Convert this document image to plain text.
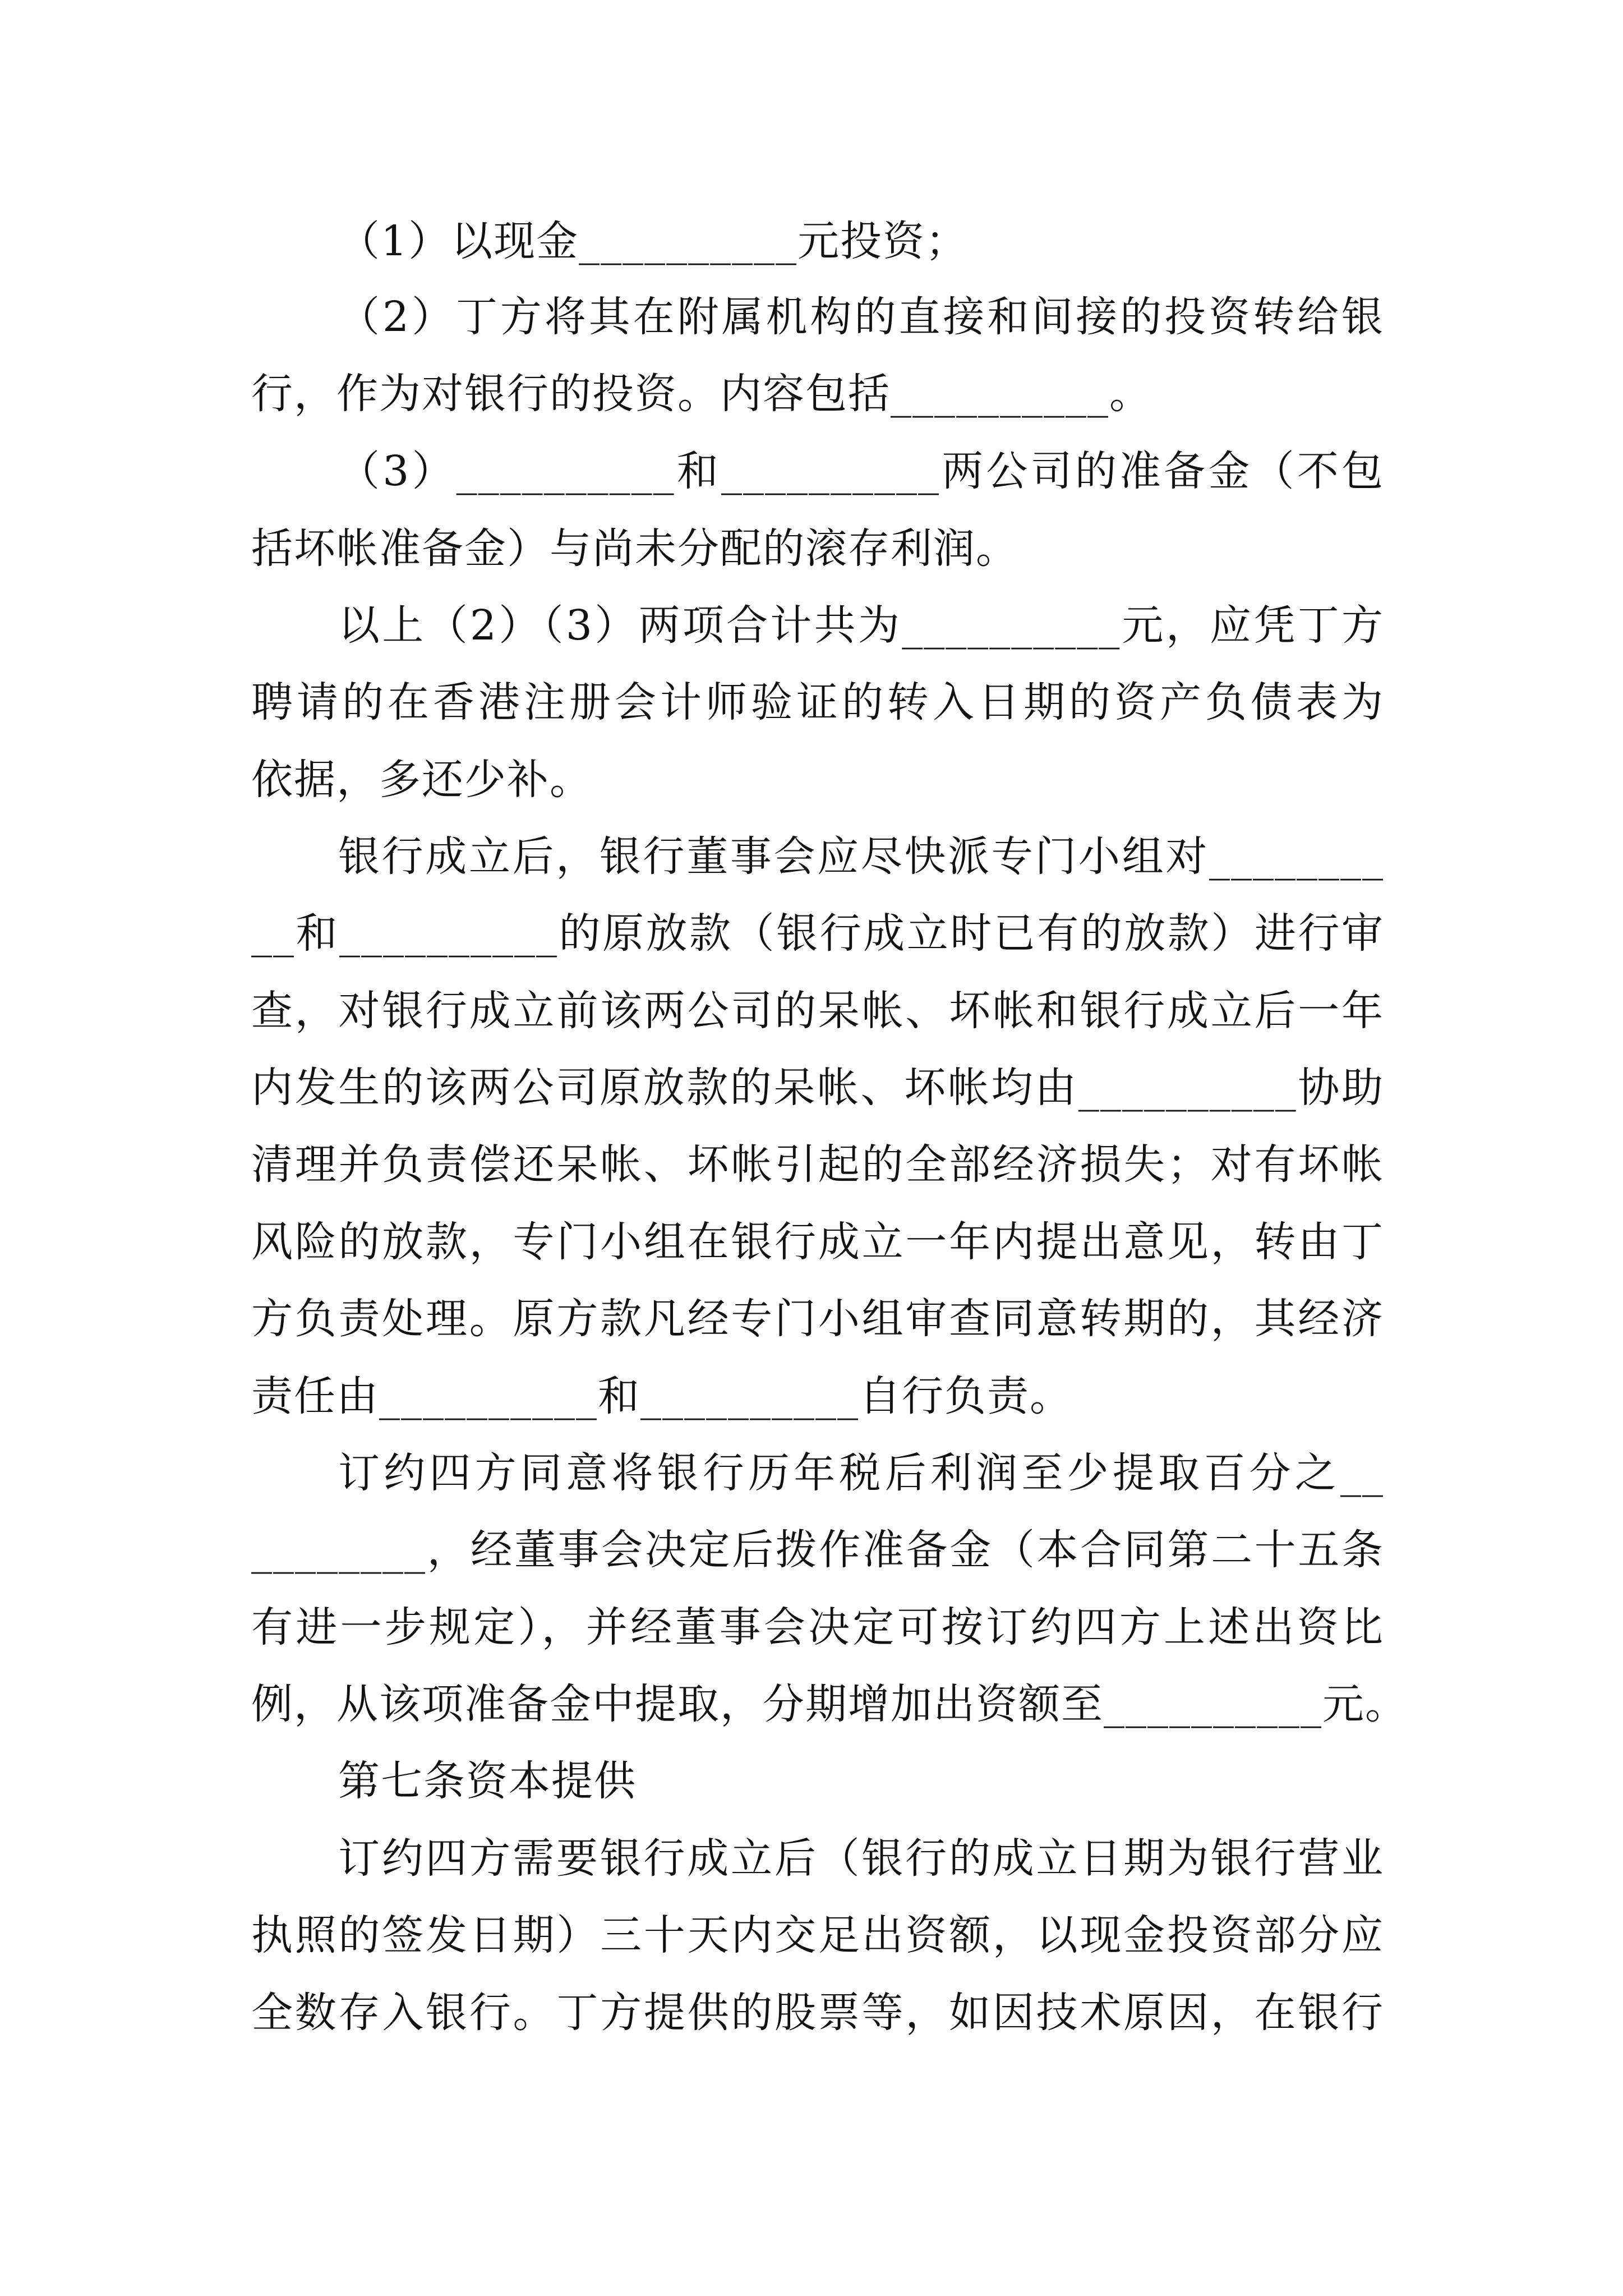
（1）以现金__________元投资；
（2）丁方将其在附属机构的直接和间接的投资转给银
行，作为对银行的投资。内容包括__________。
（3）__________和__________两公司的准备金（不包
括坏帐准备金）与尚未分配的滚存利润。
以上（2）（3）两项合计共为__________元，应凭丁方
聘请的在香港注册会计师验证的转入日期的资产负债表为
依据，多还少补。
银行成立后，银行董事会应尽快派专门小组对________
__和__________的原放款（银行成立时已有的放款）进行审
查，对银行成立前该两公司的呆帐、坏帐和银行成立后一年
内发生的该两公司原放款的呆帐、坏帐均由__________协助
清理并负责偿还呆帐、坏帐引起的全部经济损失；对有坏帐
风险的放款，专门小组在银行成立一年内提出意见，转由丁
方负责处理。原方款凡经专门小组审查同意转期的，其经济
责任由__________和__________自行负责。
订约四方同意将银行历年税后利润至少提取百分之__
________，经董事会决定后拨作准备金（本合同第二十五条
有进一步规定），并经董事会决定可按订约四方上述出资比
例，从该项准备金中提取，分期增加出资额至__________元。
第七条资本提供
订约四方需要银行成立后（银行的成立日期为银行营业
执照的签发日期）三十天内交足出资额，以现金投资部分应
全数存入银行。丁方提供的股票等，如因技术原因，在银行
